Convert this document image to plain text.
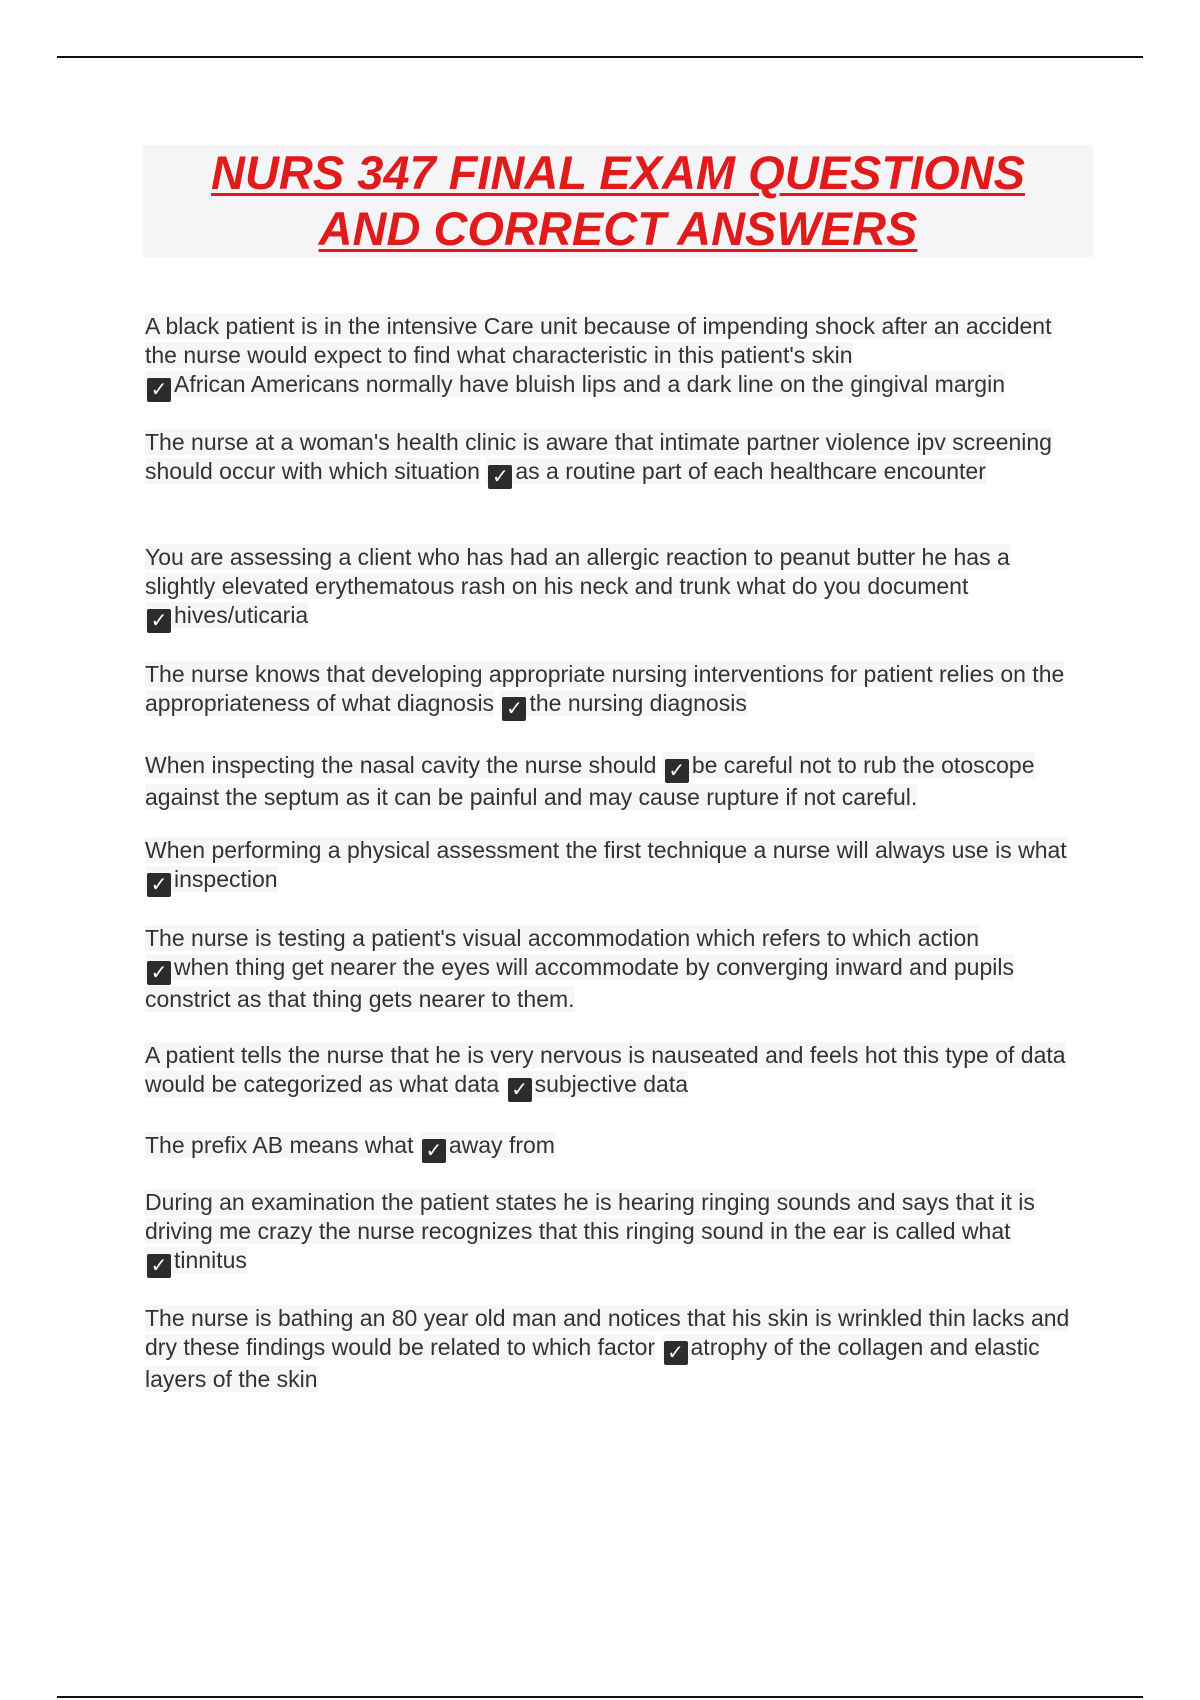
NURS 347 FINAL EXAM QUESTIONS
AND CORRECT ANSWERS
A black patient is in the intensive Care unit because of impending shock after an accident the nurse would expect to find what characteristic in this patient's skin
✓ African Americans normally have bluish lips and a dark line on the gingival margin
The nurse at a woman's health clinic is aware that intimate partner violence ipv screening should occur with which situation ✓ as a routine part of each healthcare encounter
You are assessing a client who has had an allergic reaction to peanut butter he has a slightly elevated erythematous rash on his neck and trunk what do you document
✓ hives/uticaria
The nurse knows that developing appropriate nursing interventions for patient relies on the appropriateness of what diagnosis ✓ the nursing diagnosis
When inspecting the nasal cavity the nurse should ✓ be careful not to rub the otoscope against the septum as it can be painful and may cause rupture if not careful.
When performing a physical assessment the first technique a nurse will always use is what ✓ inspection
The nurse is testing a patient's visual accommodation which refers to which action
✓ when thing get nearer the eyes will accommodate by converging inward and pupils constrict as that thing gets nearer to them.
A patient tells the nurse that he is very nervous is nauseated and feels hot this type of data would be categorized as what data ✓ subjective data
The prefix AB means what ✓ away from
During an examination the patient states he is hearing ringing sounds and says that it is driving me crazy the nurse recognizes that this ringing sound in the ear is called what
✓ tinnitus
The nurse is bathing an 80 year old man and notices that his skin is wrinkled thin lacks and dry these findings would be related to which factor ✓ atrophy of the collagen and elastic layers of the skin
